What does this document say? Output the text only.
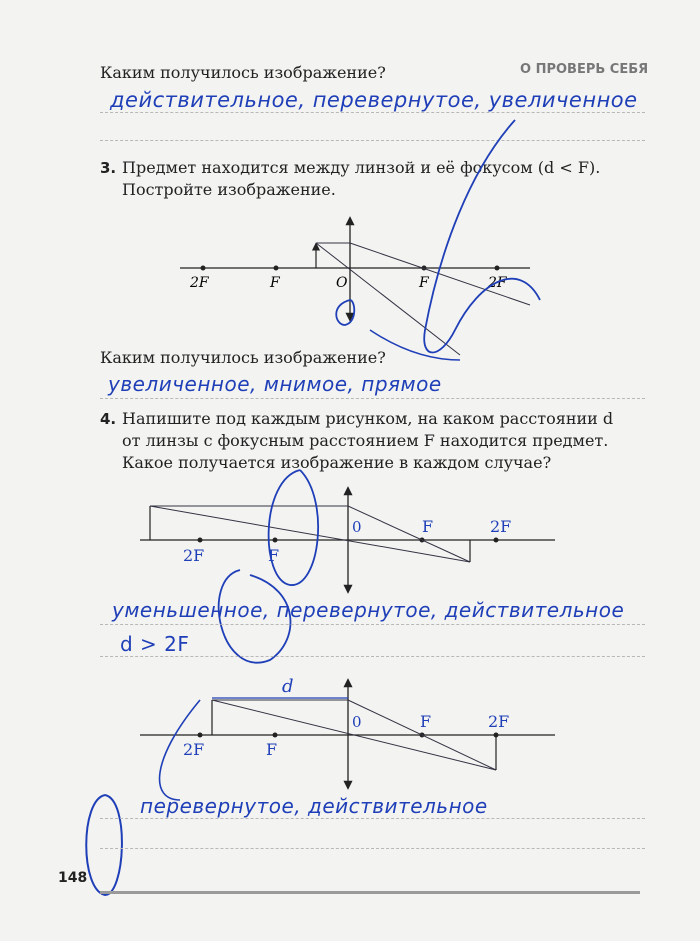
О ПРОВЕРЬ СЕБЯ
Каким получилось изображение?
действительное, перевернутое, увеличенное
3. Предмет находится между линзой и её фокусом (d < F).
Постройте изображение.
2F	F	O	F	2F
2F	F
0	F	2F
d
2F	F
0	F	2F
Каким получилось изображение?
увеличенное, мнимое, прямое
4. Напишите под каждым рисунком, на каком расстоянии d
от линзы с фокусным расстоянием F находится предмет.
Какое получается изображение в каждом случае?
уменьшенное, перевернутое, действительное
d > 2F
перевернутое, действительное
148
